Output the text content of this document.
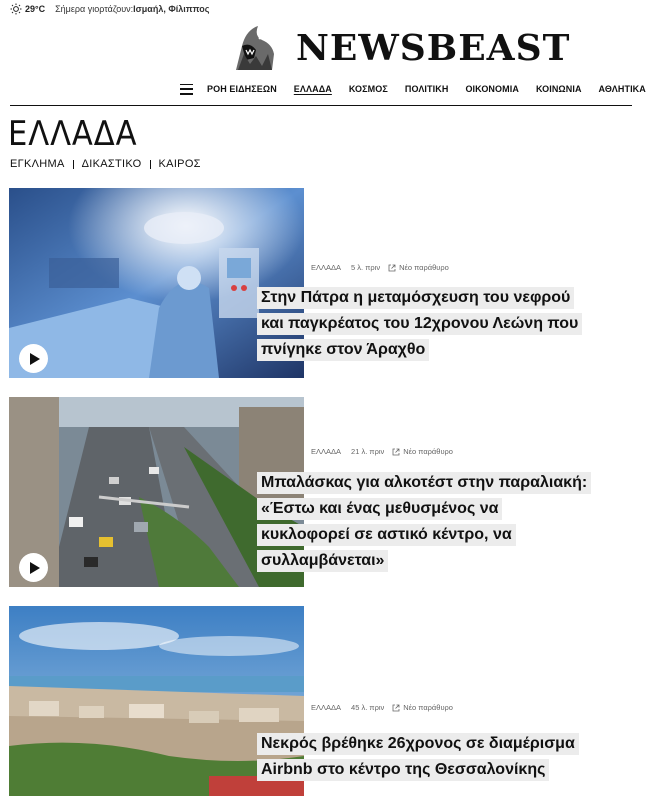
29°C Σήμερα γιορτάζουν: Ισμαήλ, Φίλιππος
NEWSBEAST
ΡΟΗ ΕΙΔΗΣΕΩΝ ΕΛΛΑΔΑ ΚΟΣΜΟΣ ΠΟΛΙΤΙΚΗ ΟΙΚΟΝΟΜΙΑ ΚΟΙΝΩΝΙΑ ΑΘΛΗΤΙΚΑ
ΕΛΛΑΔΑ
ΕΓΚΛΗΜΑ ΔΙΚΑΣΤΙΚΟ ΚΑΙΡΟΣ
ΕΛΛΑΔΑ 5 λ. πριν	Νέο παράθυρο
Στην Πάτρα η μεταμόσχευση του νεφρού
και παγκρέατος του 12χρονου Λεώνη που
πνίγηκε στον Άραχθο
ΕΛΛΑΔΑ 21 λ. πριν	Νέο παράθυρο
Μπαλάσκας για αλκοτέστ στην παραλιακή:
«Έστω και ένας μεθυσμένος να
κυκλοφορεί σε αστικό κέντρο, να
συλλαμβάνεται»
ΕΛΛΑΔΑ 45 λ. πριν	Νέο παράθυρο
Νεκρός βρέθηκε 26χρονος σε διαμέρισμα
Airbnb στο κέντρο της Θεσσαλονίκης
